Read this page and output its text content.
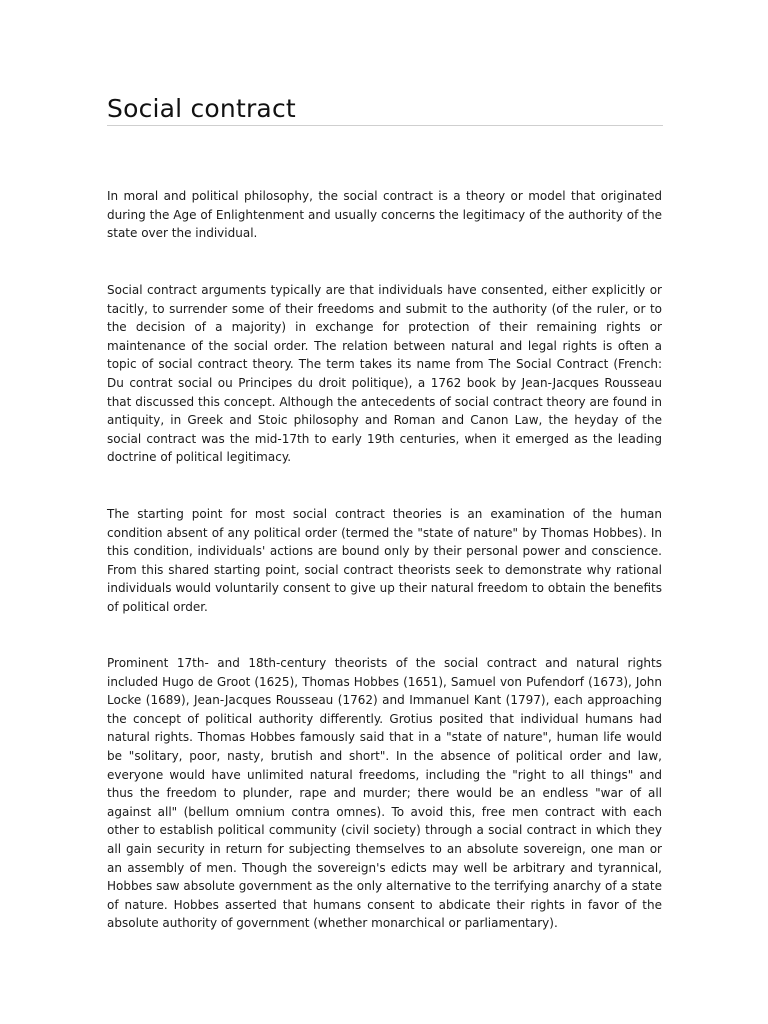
Social contract

In moral and political philosophy, the social contract is a theory or model that originated during the Age of Enlightenment and usually concerns the legitimacy of the authority of the state over the individual.

Social contract arguments typically are that individuals have consented, either explicitly or tacitly, to surrender some of their freedoms and submit to the authority (of the ruler, or to the decision of a majority) in exchange for protection of their remaining rights or maintenance of the social order. The relation between natural and legal rights is often a topic of social contract theory. The term takes its name from The Social Contract (French: Du contrat social ou Principes du droit politique), a 1762 book by Jean-Jacques Rousseau that discussed this concept. Although the antecedents of social contract theory are found in antiquity, in Greek and Stoic philosophy and Roman and Canon Law, the heyday of the social contract was the mid-17th to early 19th centuries, when it emerged as the leading doctrine of political legitimacy.

The starting point for most social contract theories is an examination of the human condition absent of any political order (termed the "state of nature" by Thomas Hobbes). In this condition, individuals' actions are bound only by their personal power and conscience. From this shared starting point, social contract theorists seek to demonstrate why rational individuals would voluntarily consent to give up their natural freedom to obtain the benefits of political order.

Prominent 17th- and 18th-century theorists of the social contract and natural rights included Hugo de Groot (1625), Thomas Hobbes (1651), Samuel von Pufendorf (1673), John Locke (1689), Jean-Jacques Rousseau (1762) and Immanuel Kant (1797), each approaching the concept of political authority differently. Grotius posited that individual humans had natural rights. Thomas Hobbes famously said that in a "state of nature", human life would be "solitary, poor, nasty, brutish and short". In the absence of political order and law, everyone would have unlimited natural freedoms, including the "right to all things" and thus the freedom to plunder, rape and murder; there would be an endless "war of all against all" (bellum omnium contra omnes). To avoid this, free men contract with each other to establish political community (civil society) through a social contract in which they all gain security in return for subjecting themselves to an absolute sovereign, one man or an assembly of men. Though the sovereign's edicts may well be arbitrary and tyrannical, Hobbes saw absolute government as the only alternative to the terrifying anarchy of a state of nature. Hobbes asserted that humans consent to abdicate their rights in favor of the absolute authority of government (whether monarchical or parliamentary).
